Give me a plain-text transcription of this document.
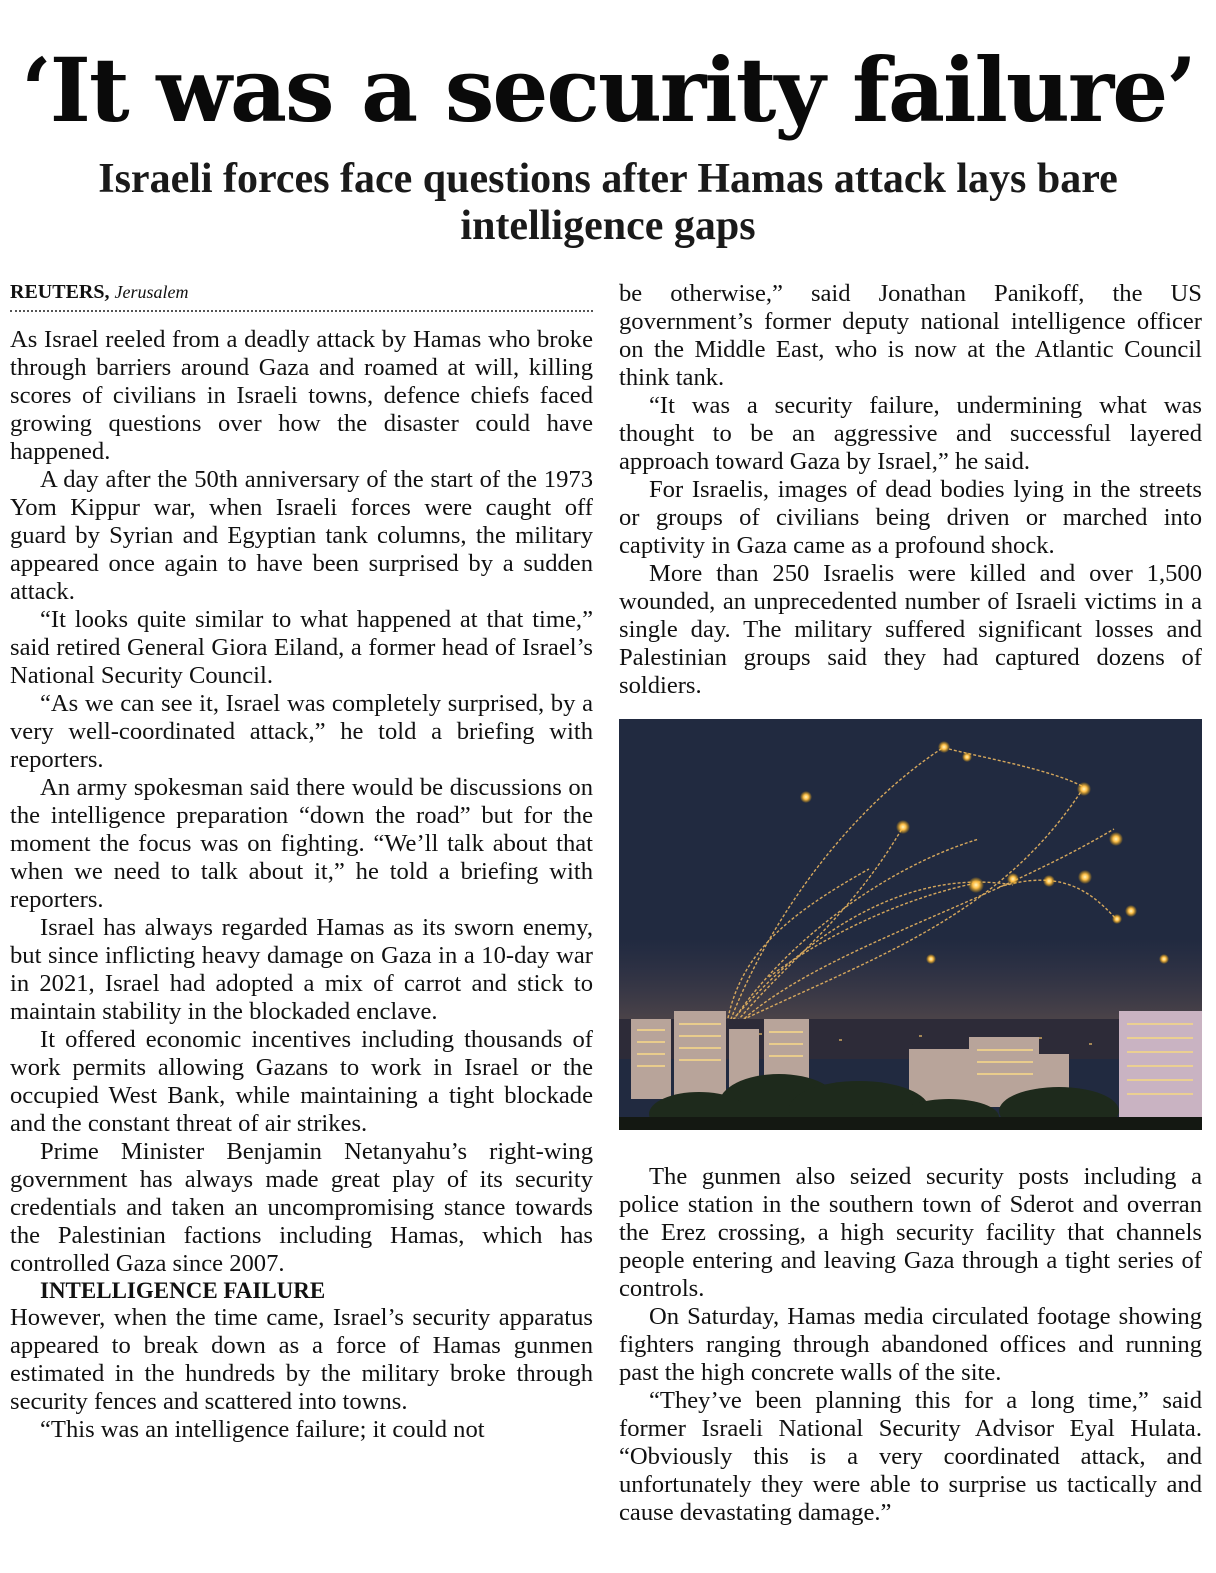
‘It was a security failure’
Israeli forces face questions after Hamas attack lays bare intelligence gaps
REUTERS, Jerusalem

As Israel reeled from a deadly attack by Hamas who broke through barriers around Gaza and roamed at will, killing scores of civilians in Israeli towns, defence chiefs faced growing questions over how the disaster could have happened.

A day after the 50th anniversary of the start of the 1973 Yom Kippur war, when Israeli forces were caught off guard by Syrian and Egyptian tank columns, the military appeared once again to have been surprised by a sudden attack.

“It looks quite similar to what happened at that time,” said retired General Giora Eiland, a former head of Israel’s National Security Council.

“As we can see it, Israel was completely surprised, by a very well-coordinated attack,” he told a briefing with reporters.

An army spokesman said there would be discussions on the intelligence preparation “down the road” but for the moment the focus was on fighting. “We’ll talk about that when we need to talk about it,” he told a briefing with reporters.

Israel has always regarded Hamas as its sworn enemy, but since inflicting heavy damage on Gaza in a 10-day war in 2021, Israel had adopted a mix of carrot and stick to maintain stability in the blockaded enclave.

It offered economic incentives including thousands of work permits allowing Gazans to work in Israel or the occupied West Bank, while maintaining a tight blockade and the constant threat of air strikes.

Prime Minister Benjamin Netanyahu’s right-wing government has always made great play of its security credentials and taken an uncompromising stance towards the Palestinian factions including Hamas, which has controlled Gaza since 2007.

INTELLIGENCE FAILURE

However, when the time came, Israel’s security apparatus appeared to break down as a force of Hamas gunmen estimated in the hundreds by the military broke through security fences and scattered into towns.

“This was an intelligence failure; it could not

be otherwise,” said Jonathan Panikoff, the US government’s former deputy national intelligence officer on the Middle East, who is now at the Atlantic Council think tank.

“It was a security failure, undermining what was thought to be an aggressive and successful layered approach toward Gaza by Israel,” he said.

For Israelis, images of dead bodies lying in the streets or groups of civilians being driven or marched into captivity in Gaza came as a profound shock.

More than 250 Israelis were killed and over 1,500 wounded, an unprecedented number of Israeli victims in a single day. The military suffered significant losses and Palestinian groups said they had captured dozens of soldiers.

The gunmen also seized security posts including a police station in the southern town of Sderot and overran the Erez crossing, a high security facility that channels people entering and leaving Gaza through a tight series of controls.

On Saturday, Hamas media circulated footage showing fighters ranging through abandoned offices and running past the high concrete walls of the site.

“They’ve been planning this for a long time,” said former Israeli National Security Advisor Eyal Hulata. “Obviously this is a very coordinated attack, and unfortunately they were able to surprise us tactically and cause devastating damage.”
